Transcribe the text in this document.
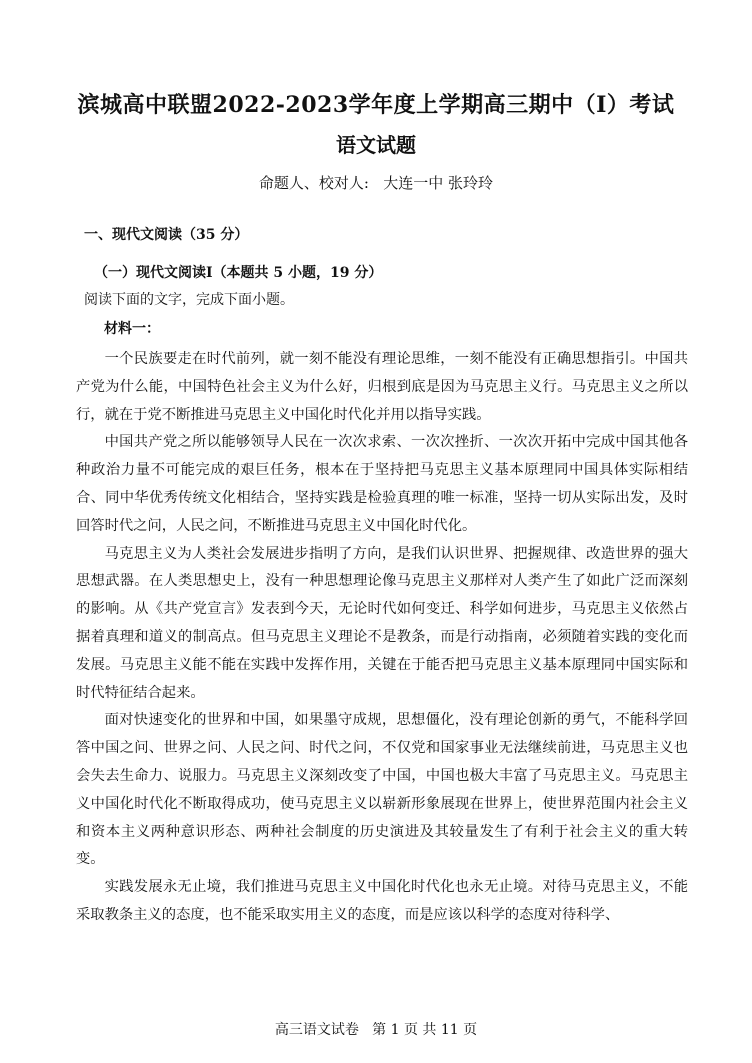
滨城高中联盟2022-2023学年度上学期高三期中（Ⅰ）考试
语文试题
命题人、校对人:   大连一中 张玲玲
一、现代文阅读（35 分）
（一）现代文阅读Ⅰ（本题共 5 小题，19 分）
阅读下面的文字，完成下面小题。
材料一：

一个民族要走在时代前列，就一刻不能没有理论思维，一刻不能没有正确思想指引。中国共产党为什么能，中国特色社会主义为什么好，归根到底是因为马克思主义行。马克思主义之所以行，就在于党不断推进马克思主义中国化时代化并用以指导实践。

中国共产党之所以能够领导人民在一次次求索、一次次挫折、一次次开拓中完成中国其他各种政治力量不可能完成的艰巨任务，根本在于坚持把马克思主义基本原理同中国具体实际相结合、同中华优秀传统文化相结合，坚持实践是检验真理的唯一标准，坚持一切从实际出发，及时回答时代之问，人民之问，不断推进马克思主义中国化时代化。

马克思主义为人类社会发展进步指明了方向，是我们认识世界、把握规律、改造世界的强大思想武器。在人类思想史上，没有一种思想理论像马克思主义那样对人类产生了如此广泛而深刻的影响。从《共产党宣言》发表到今天，无论时代如何变迁、科学如何进步，马克思主义依然占据着真理和道义的制高点。但马克思主义理论不是教条，而是行动指南，必须随着实践的变化而发展。马克思主义能不能在实践中发挥作用，关键在于能否把马克思主义基本原理同中国实际和时代特征结合起来。

面对快速变化的世界和中国，如果墨守成规，思想僵化，没有理论创新的勇气，不能科学回答中国之问、世界之问、人民之问、时代之问，不仅党和国家事业无法继续前进，马克思主义也会失去生命力、说服力。马克思主义深刻改变了中国，中国也极大丰富了马克思主义。马克思主义中国化时代化不断取得成功，使马克思主义以崭新形象展现在世界上，使世界范围内社会主义和资本主义两种意识形态、两种社会制度的历史演进及其较量发生了有利于社会主义的重大转变。

实践发展永无止境，我们推进马克思主义中国化时代化也永无止境。对待马克思主义，不能采取教条主义的态度，也不能采取实用主义的态度，而是应该以科学的态度对待科学、

高三语文试卷   第 1 页 共 11 页
